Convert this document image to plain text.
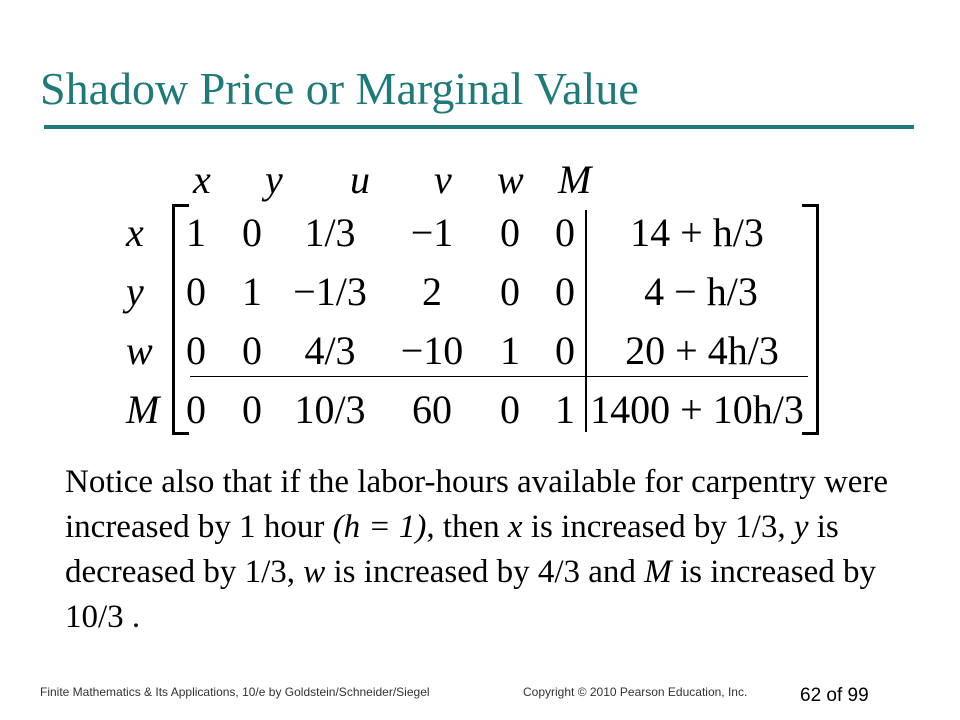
Shadow Price or Marginal Value
x y u v w M
x
y
w
M
1 0 1/3 −1 0 0 14 + h/3
0 1 −1/3 2 0 0 4 − h/3
0 0 4/3 −10 1 0 20 + 4h/3
0 0 10/3 60 0 1 1400 + 10h/3
Notice also that if the labor-hours available for carpentry were increased by 1 hour (h = 1), then x is increased by 1/3, y is decreased by 1/3, w is increased by 4/3 and M is increased by 10/3 .
Finite Mathematics & Its Applications, 10/e by Goldstein/Schneider/Siegel	Copyright © 2010 Pearson Education, Inc.	62 of 99
